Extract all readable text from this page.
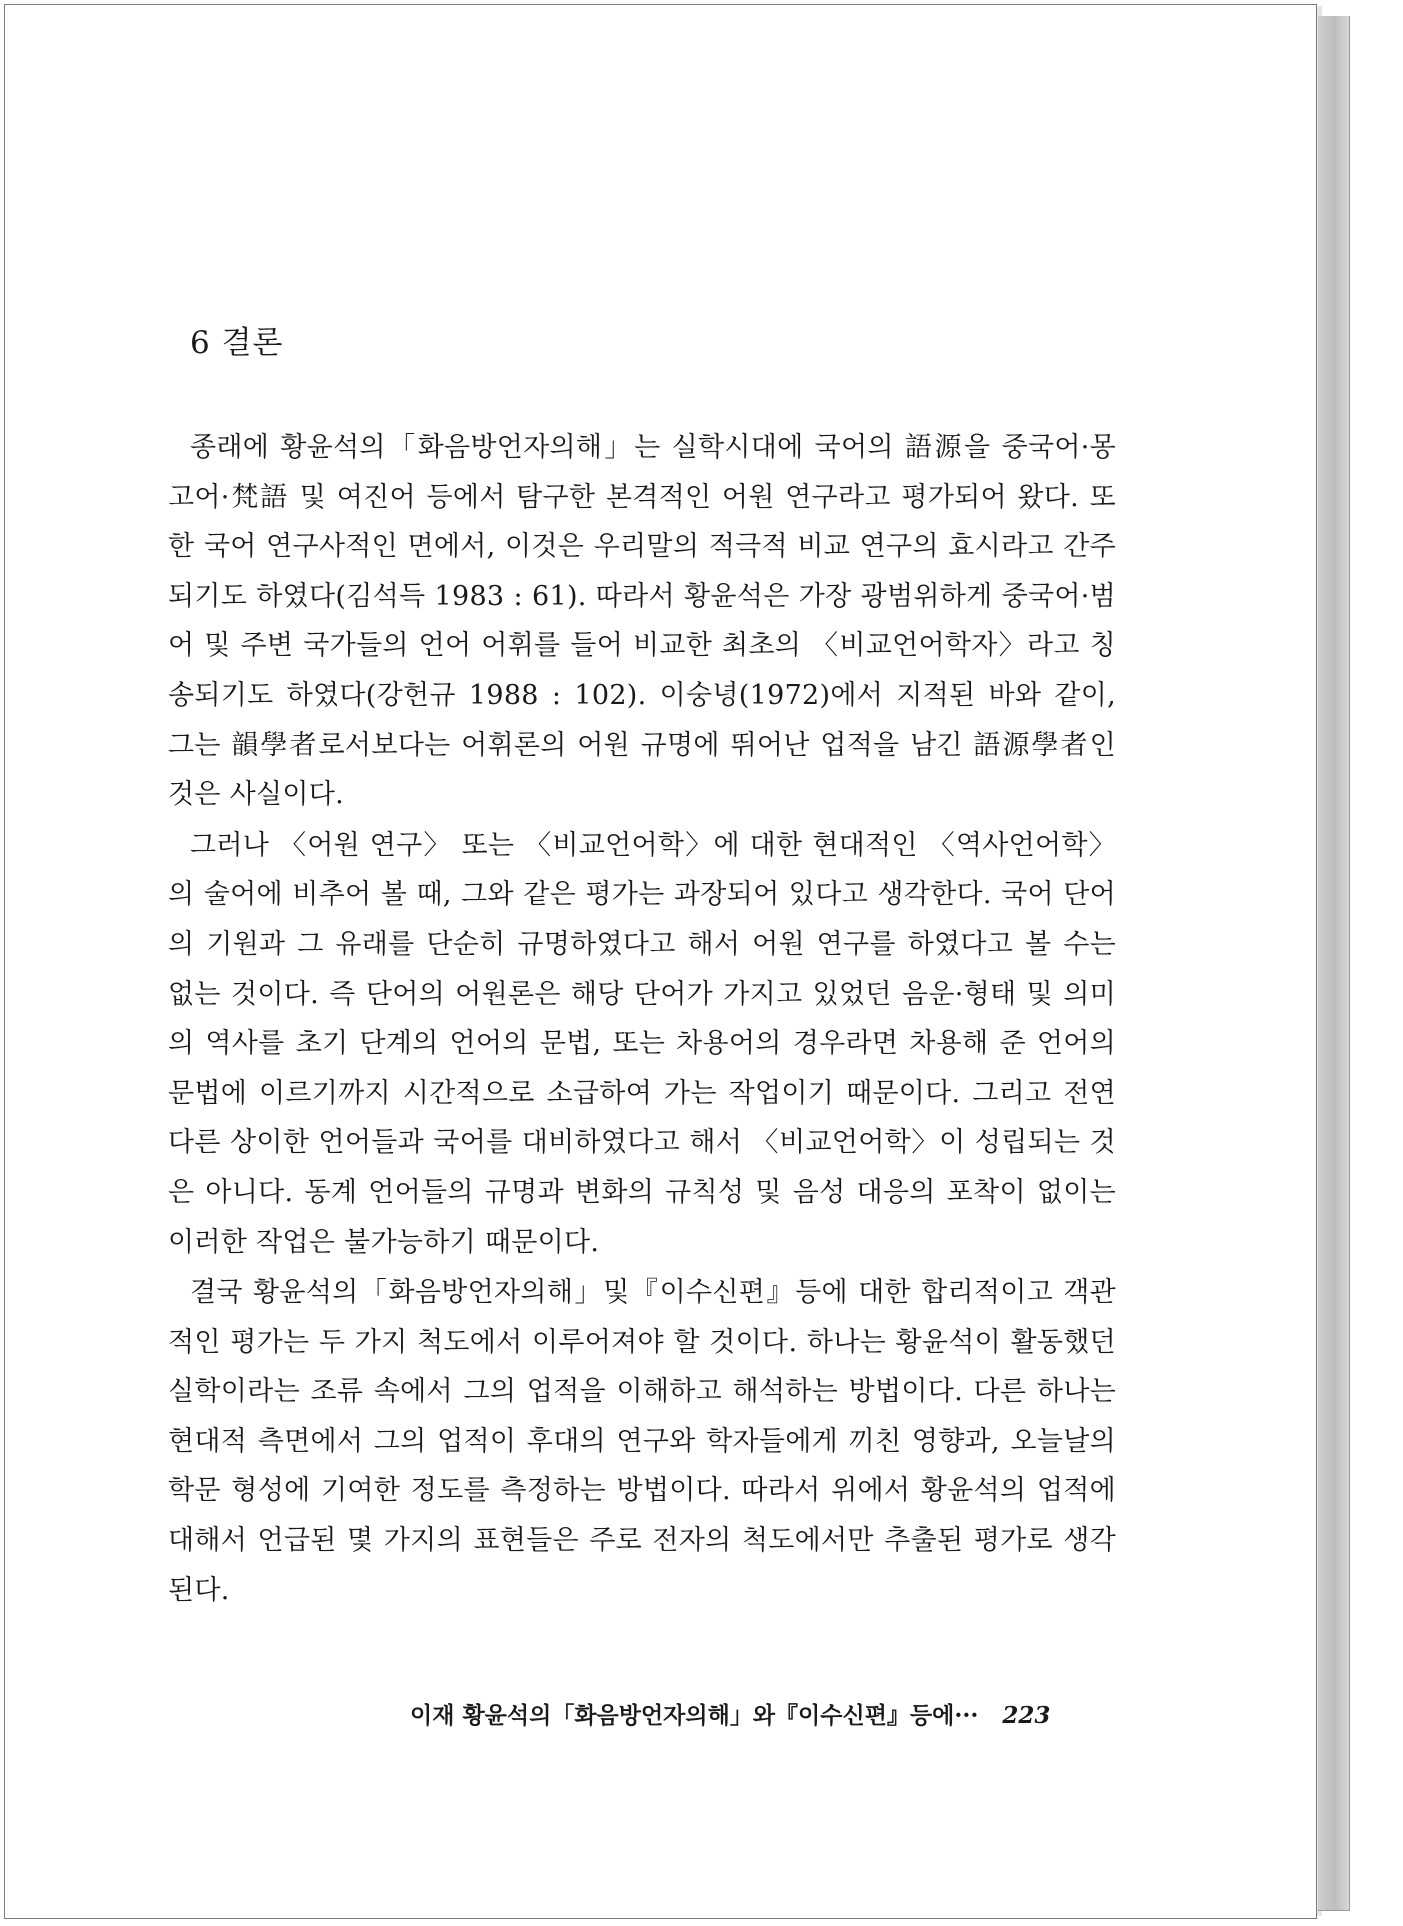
6 결론

종래에 황윤석의「화음방언자의해」는 실학시대에 국어의 語源을 중국어·몽고어·梵語 및 여진어 등에서 탐구한 본격적인 어원 연구라고 평가되어 왔다. 또한 국어 연구사적인 면에서, 이것은 우리말의 적극적 비교 연구의 효시라고 간주되기도 하였다(김석득 1983 : 61). 따라서 황윤석은 가장 광범위하게 중국어·범어 및 주변 국가들의 언어 어휘를 들어 비교한 최초의 〈비교언어학자〉라고 칭송되기도 하였다(강헌규 1988 : 102). 이숭녕(1972)에서 지적된 바와 같이, 그는 韻學者로서보다는 어휘론의 어원 규명에 뛰어난 업적을 남긴 語源學者인 것은 사실이다.

그러나 〈어원 연구〉 또는 〈비교언어학〉에 대한 현대적인 〈역사언어학〉의 술어에 비추어 볼 때, 그와 같은 평가는 과장되어 있다고 생각한다. 국어 단어의 기원과 그 유래를 단순히 규명하였다고 해서 어원 연구를 하였다고 볼 수는 없는 것이다. 즉 단어의 어원론은 해당 단어가 가지고 있었던 음운·형태 및 의미의 역사를 초기 단계의 언어의 문법, 또는 차용어의 경우라면 차용해 준 언어의 문법에 이르기까지 시간적으로 소급하여 가는 작업이기 때문이다. 그리고 전연 다른 상이한 언어들과 국어를 대비하였다고 해서 〈비교언어학〉이 성립되는 것은 아니다. 동계 언어들의 규명과 변화의 규칙성 및 음성 대응의 포착이 없이는 이러한 작업은 불가능하기 때문이다.

결국 황윤석의「화음방언자의해」및『이수신편』등에 대한 합리적이고 객관적인 평가는 두 가지 척도에서 이루어져야 할 것이다. 하나는 황윤석이 활동했던 실학이라는 조류 속에서 그의 업적을 이해하고 해석하는 방법이다. 다른 하나는 현대적 측면에서 그의 업적이 후대의 연구와 학자들에게 끼친 영향과, 오늘날의 학문 형성에 기여한 정도를 측정하는 방법이다. 따라서 위에서 황윤석의 업적에 대해서 언급된 몇 가지의 표현들은 주로 전자의 척도에서만 추출된 평가로 생각된다.

이재 황윤석의「화음방언자의해」와『이수신편』등에··· 223
